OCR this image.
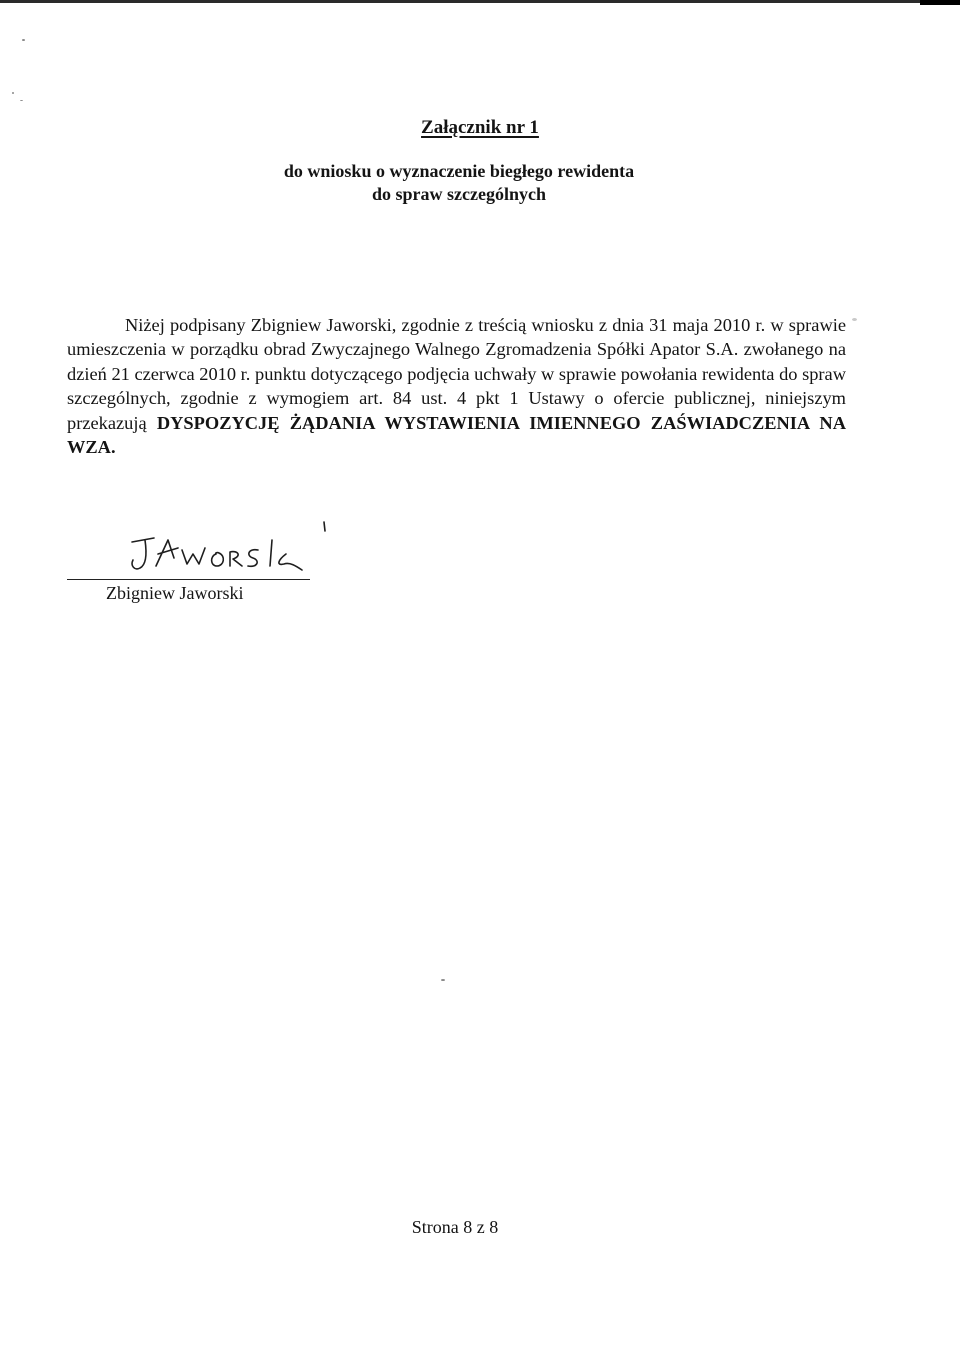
Załącznik nr 1
do wniosku o wyznaczenie biegłego rewidenta
do spraw szczególnych
Niżej podpisany Zbigniew Jaworski, zgodnie z treścią wniosku z dnia 31 maja 2010 r. w sprawie umieszczenia w porządku obrad Zwyczajnego Walnego Zgromadzenia Spółki Apator S.A. zwołanego na dzień 21 czerwca 2010 r. punktu dotyczącego podjęcia uchwały w sprawie powołania rewidenta do spraw szczególnych, zgodnie z wymogiem art. 84 ust. 4 pkt 1 Ustawy o ofercie publicznej, niniejszym przekazują DYSPOZYCJĘ ŻĄDANIA WYSTAWIENIA IMIENNEGO ZAŚWIADCZENIA NA WZA.
Zbigniew Jaworski
Strona 8 z 8
